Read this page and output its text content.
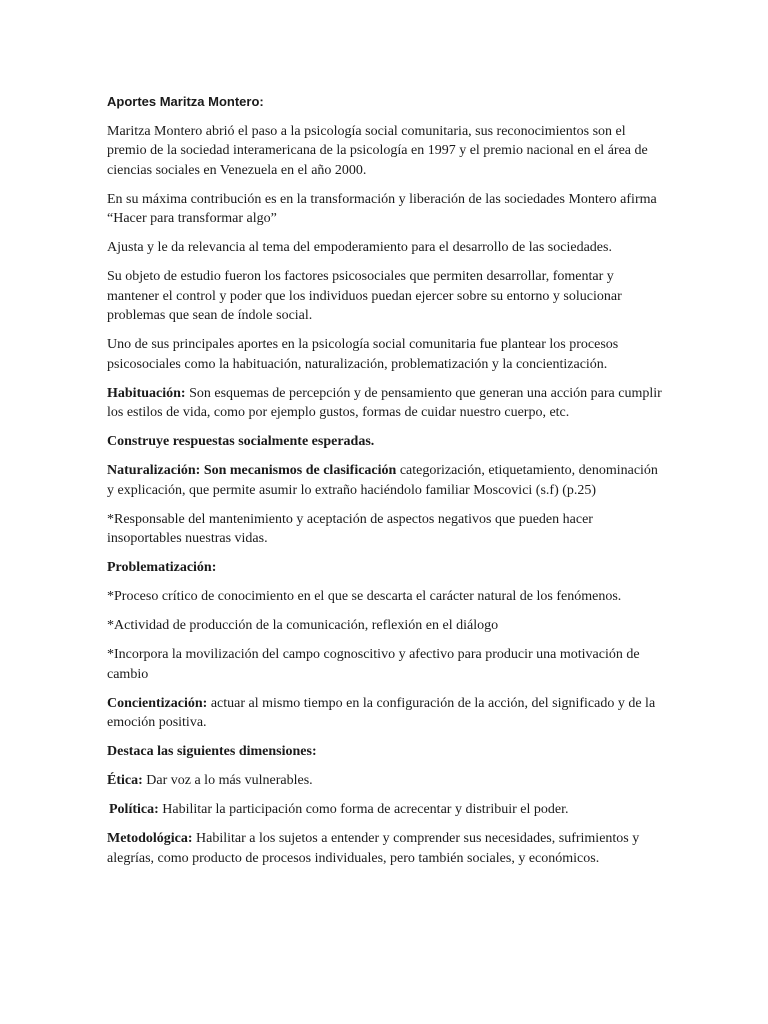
Aportes Maritza Montero:

Maritza Montero abrió el paso a la psicología social comunitaria, sus reconocimientos son el premio de la sociedad interamericana de la psicología en 1997 y el premio nacional en el área de ciencias sociales en Venezuela en el año 2000.

En su máxima contribución es en la transformación y liberación de las sociedades Montero afirma “Hacer para transformar algo”

Ajusta y le da relevancia al tema del empoderamiento para el desarrollo de las sociedades.

Su objeto de estudio fueron los factores psicosociales que permiten desarrollar, fomentar y mantener el control y poder que los individuos puedan ejercer sobre su entorno y solucionar problemas que sean de índole social.

Uno de sus principales aportes en la psicología social comunitaria fue plantear los procesos psicosociales como la habituación, naturalización, problematización y la concientización.

Habituación: Son esquemas de percepción y de pensamiento que generan una acción para cumplir los estilos de vida, como por ejemplo gustos, formas de cuidar nuestro cuerpo, etc.

Construye respuestas socialmente esperadas.

Naturalización: Son mecanismos de clasificación categorización, etiquetamiento, denominación y explicación, que permite asumir lo extraño haciéndolo familiar Moscovici (s.f) (p.25)

*Responsable del mantenimiento y aceptación de aspectos negativos que pueden hacer insoportables nuestras vidas.

Problematización:

*Proceso crítico de conocimiento en el que se descarta el carácter natural de los fenómenos.

*Actividad de producción de la comunicación, reflexión en el diálogo

*Incorpora la movilización del campo cognoscitivo y afectivo para producir una motivación de cambio

Concientización: actuar al mismo tiempo en la configuración de la acción, del significado y de la emoción positiva.

Destaca las siguientes dimensiones:

Ética: Dar voz a lo más vulnerables.

Política: Habilitar la participación como forma de acrecentar y distribuir el poder.

Metodológica: Habilitar a los sujetos a entender y comprender sus necesidades, sufrimientos y alegrías, como producto de procesos individuales, pero también sociales, y económicos.
